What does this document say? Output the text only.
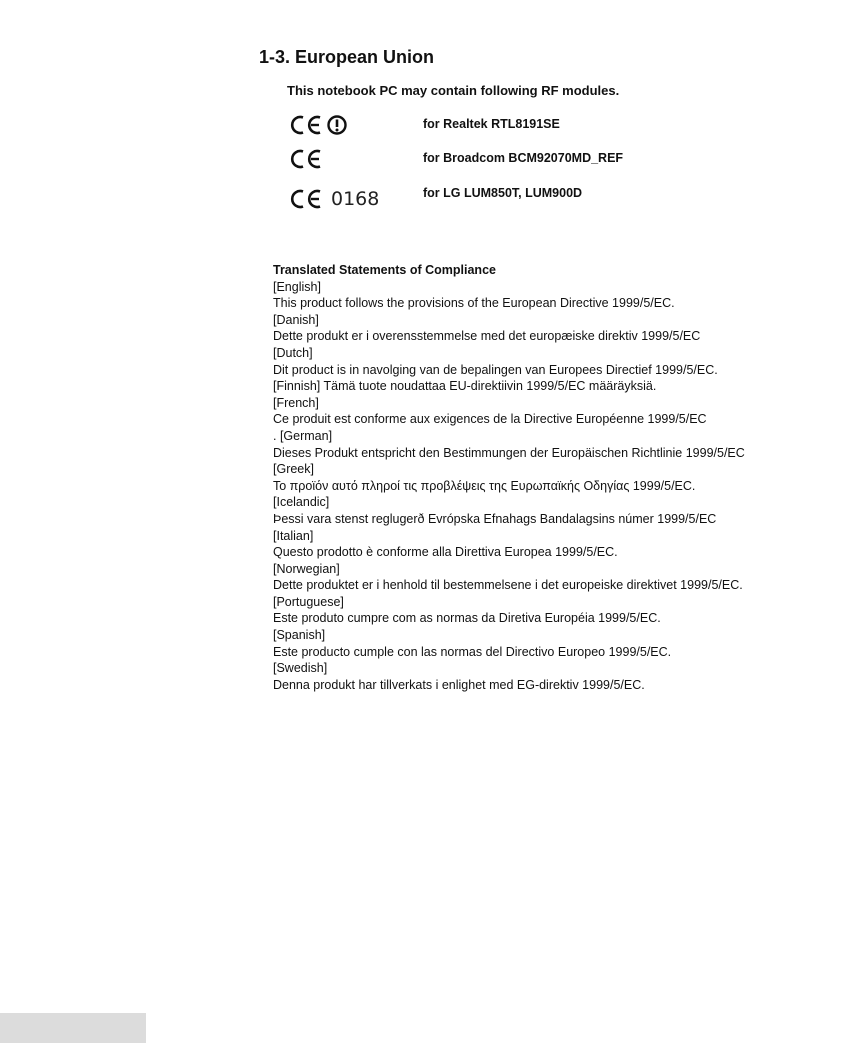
1-3. European Union
This notebook PC may contain following RF modules.
for Realtek RTL8191SE
for Broadcom BCM92070MD_REF
0168	for LG LUM850T, LUM900D
Translated Statements of Compliance
[English]
This product follows the provisions of the European Directive 1999/5/EC.
[Danish]
Dette produkt er i overensstemmelse med det europæiske direktiv 1999/5/EC
[Dutch]
Dit product is in navolging van de bepalingen van Europees Directief 1999/5/EC.
[Finnish] Tämä tuote noudattaa EU-direktiivin 1999/5/EC määräyksiä.
[French]
Ce produit est conforme aux exigences de la Directive Européenne 1999/5/EC
. [German]
Dieses Produkt entspricht den Bestimmungen der Europäischen Richtlinie 1999/5/EC
[Greek]
Το προϊόν αυτό πληροί τις προβλέψεις της Ευρωπαϊκής Οδηγίας 1999/5/EC.
[Icelandic]
Þessi vara stenst reglugerð Evrópska Efnahags Bandalagsins númer 1999/5/EC
[Italian]
Questo prodotto è conforme alla Direttiva Europea 1999/5/EC.
[Norwegian]
Dette produktet er i henhold til bestemmelsene i det europeiske direktivet 1999/5/EC.
[Portuguese]
Este produto cumpre com as normas da Diretiva Européia 1999/5/EC.
[Spanish]
Este producto cumple con las normas del Directivo Europeo 1999/5/EC.
[Swedish]
Denna produkt har tillverkats i enlighet med EG-direktiv 1999/5/EC.
